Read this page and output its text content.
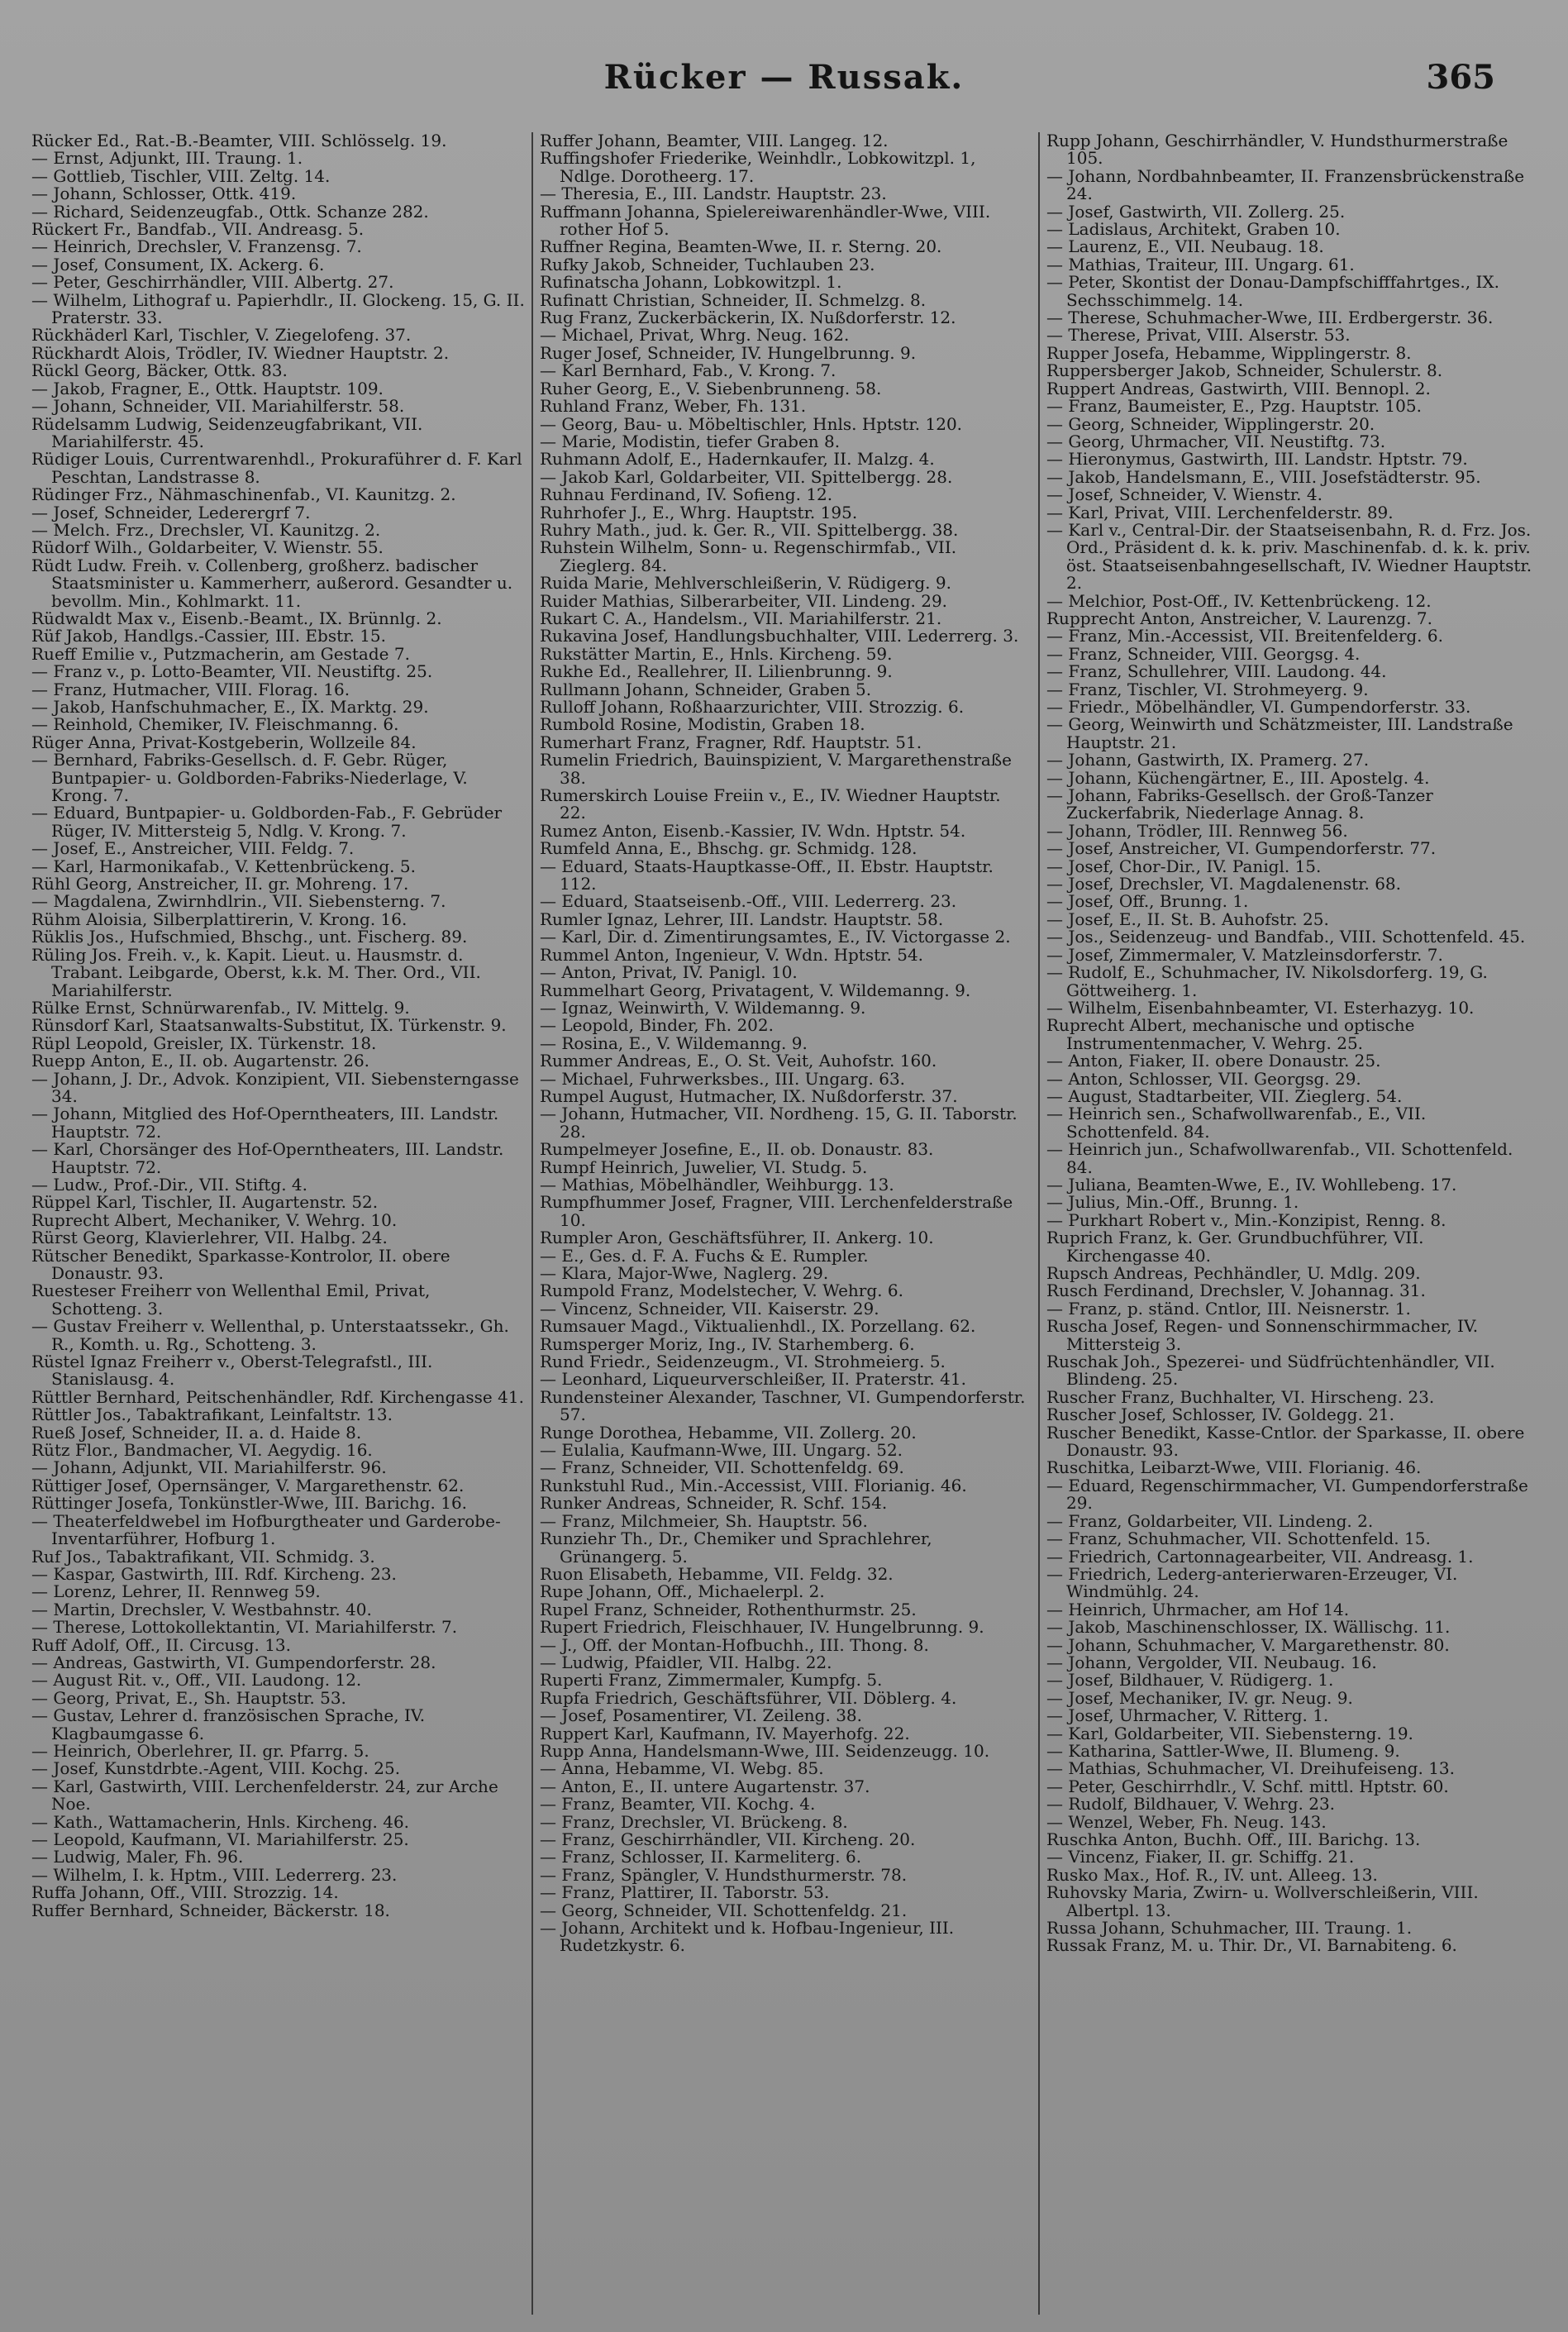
Rücker — Russak.	365
Rücker Ed., Rat.-B.-Beamter, VIII. Schlösselg. 19.
— Ernst, Adjunkt, III. Traung. 1.
— Gottlieb, Tischler, VIII. Zeltg. 14.
— Johann, Schlosser, Ottk. 419.
— Richard, Seidenzeugfab., Ottk. Schanze 282.
Rückert Fr., Bandfab., VII. Andreasg. 5.
— Heinrich, Drechsler, V. Franzensg. 7.
— Josef, Consument, IX. Ackerg. 6.
— Peter, Geschirrhändler, VIII. Albertg. 27.
— Wilhelm, Lithograf u. Papierhdlr., II. Glockeng. 15, G. II. Praterstr. 33.
Rückhäderl Karl, Tischler, V. Ziegelofeng. 37.
Rückhardt Alois, Trödler, IV. Wiedner Hauptstr. 2.
Rückl Georg, Bäcker, Ottk. 83.
— Jakob, Fragner, E., Ottk. Hauptstr. 109.
— Johann, Schneider, VII. Mariahilferstr. 58.
Rüdelsamm Ludwig, Seidenzeugfabrikant, VII. Mariahilferstr. 45.
Rüdiger Louis, Currentwarenhdl., Prokuraführer d. F. Karl Peschtan, Landstrasse 8.
Rüdinger Frz., Nähmaschinenfab., VI. Kaunitzg. 2.
— Josef, Schneider, Lederergrf 7.
— Melch. Frz., Drechsler, VI. Kaunitzg. 2.
Rüdorf Wilh., Goldarbeiter, V. Wienstr. 55.
Rüdt Ludw. Freih. v. Collenberg, großherz. badischer Staatsminister u. Kammerherr, außerord. Gesandter u. bevollm. Min., Kohlmarkt. 11.
Rüdwaldt Max v., Eisenb.-Beamt., IX. Brünnlg. 2.
Rüf Jakob, Handlgs.-Cassier, III. Ebstr. 15.
Rueff Emilie v., Putzmacherin, am Gestade 7.
— Franz v., p. Lotto-Beamter, VII. Neustiftg. 25.
— Franz, Hutmacher, VIII. Florag. 16.
— Jakob, Hanfschuhmacher, E., IX. Marktg. 29.
— Reinhold, Chemiker, IV. Fleischmanng. 6.
Rüger Anna, Privat-Kostgeberin, Wollzeile 84.
— Bernhard, Fabriks-Gesellsch. d. F. Gebr. Rüger, Buntpapier- u. Goldborden-Fabriks-Niederlage, V. Krong. 7.
— Eduard, Buntpapier- u. Goldborden-Fab., F. Gebrüder Rüger, IV. Mittersteig 5, Ndlg. V. Krong. 7.
— Josef, E., Anstreicher, VIII. Feldg. 7.
— Karl, Harmonikafab., V. Kettenbrückeng. 5.
Rühl Georg, Anstreicher, II. gr. Mohreng. 17.
— Magdalena, Zwirnhdlrin., VII. Siebensterng. 7.
Rühm Aloisia, Silberplattirerin, V. Krong. 16.
Rüklis Jos., Hufschmied, Bhschg., unt. Fischerg. 89.
Rüling Jos. Freih. v., k. Kapit. Lieut. u. Hausmstr. d. Trabant. Leibgarde, Oberst, k.k. M. Ther. Ord., VII. Mariahilferstr.
Rülke Ernst, Schnürwarenfab., IV. Mittelg. 9.
Rünsdorf Karl, Staatsanwalts-Substitut, IX. Türkenstr. 9.
Rüpl Leopold, Greisler, IX. Türkenstr. 18.
Ruepp Anton, E., II. ob. Augartenstr. 26.
— Johann, J. Dr., Advok. Konzipient, VII. Siebensterngasse 34.
— Johann, Mitglied des Hof-Operntheaters, III. Landstr. Hauptstr. 72.
— Karl, Chorsänger des Hof-Operntheaters, III. Landstr. Hauptstr. 72.
— Ludw., Prof.-Dir., VII. Stiftg. 4.
Rüppel Karl, Tischler, II. Augartenstr. 52.
Ruprecht Albert, Mechaniker, V. Wehrg. 10.
Rürst Georg, Klavierlehrer, VII. Halbg. 24.
Rütscher Benedikt, Sparkasse-Kontrolor, II. obere Donaustr. 93.
Ruesteser Freiherr von Wellenthal Emil, Privat, Schotteng. 3.
— Gustav Freiherr v. Wellenthal, p. Unterstaatssekr., Gh. R., Komth. u. Rg., Schotteng. 3.
Rüstel Ignaz Freiherr v., Oberst-Telegrafstl., III. Stanislausg. 4.
Rüttler Bernhard, Peitschenhändler, Rdf. Kirchengasse 41.
Rüttler Jos., Tabaktrafikant, Leinfaltstr. 13.
Rueß Josef, Schneider, II. a. d. Haide 8.
Rütz Flor., Bandmacher, VI. Aegydig. 16.
— Johann, Adjunkt, VII. Mariahilferstr. 96.
Rüttiger Josef, Opernsänger, V. Margarethenstr. 62.
Rüttinger Josefa, Tonkünstler-Wwe, III. Barichg. 16.
— Theaterfeldwebel im Hofburgtheater und Garderobe-Inventarführer, Hofburg 1.
Ruf Jos., Tabaktrafikant, VII. Schmidg. 3.
— Kaspar, Gastwirth, III. Rdf. Kircheng. 23.
— Lorenz, Lehrer, II. Rennweg 59.
— Martin, Drechsler, V. Westbahnstr. 40.
— Therese, Lottokollektantin, VI. Mariahilferstr. 7.
Ruff Adolf, Off., II. Circusg. 13.
— Andreas, Gastwirth, VI. Gumpendorferstr. 28.
— August Rit. v., Off., VII. Laudong. 12.
— Georg, Privat, E., Sh. Hauptstr. 53.
— Gustav, Lehrer d. französischen Sprache, IV. Klagbaumgasse 6.
— Heinrich, Oberlehrer, II. gr. Pfarrg. 5.
— Josef, Kunstdrbte.-Agent, VIII. Kochg. 25.
— Karl, Gastwirth, VIII. Lerchenfelderstr. 24, zur Arche Noe.
— Kath., Wattamacherin, Hnls. Kircheng. 46.
— Leopold, Kaufmann, VI. Mariahilferstr. 25.
— Ludwig, Maler, Fh. 96.
— Wilhelm, I. k. Hptm., VIII. Lederrerg. 23.
Ruffa Johann, Off., VIII. Strozzig. 14.
Ruffer Bernhard, Schneider, Bäckerstr. 18.
Ruffer Johann, Beamter, VIII. Langeg. 12.
Ruffingshofer Friederike, Weinhdlr., Lobkowitzpl. 1, Ndlge. Dorotheerg. 17.
— Theresia, E., III. Landstr. Hauptstr. 23.
Ruffmann Johanna, Spielereiwarenhändler-Wwe, VIII. rother Hof 5.
Ruffner Regina, Beamten-Wwe, II. r. Sterng. 20.
Rufky Jakob, Schneider, Tuchlauben 23.
Rufinatscha Johann, Lobkowitzpl. 1.
Rufinatt Christian, Schneider, II. Schmelzg. 8.
Rug Franz, Zuckerbäckerin, IX. Nußdorferstr. 12.
— Michael, Privat, Whrg. Neug. 162.
Ruger Josef, Schneider, IV. Hungelbrunng. 9.
— Karl Bernhard, Fab., V. Krong. 7.
Ruher Georg, E., V. Siebenbrunneng. 58.
Ruhland Franz, Weber, Fh. 131.
— Georg, Bau- u. Möbeltischler, Hnls. Hptstr. 120.
— Marie, Modistin, tiefer Graben 8.
Ruhmann Adolf, E., Hadernkaufer, II. Malzg. 4.
— Jakob Karl, Goldarbeiter, VII. Spittelbergg. 28.
Ruhnau Ferdinand, IV. Sofieng. 12.
Ruhrhofer J., E., Whrg. Hauptstr. 195.
Ruhry Math., jud. k. Ger. R., VII. Spittelbergg. 38.
Ruhstein Wilhelm, Sonn- u. Regenschirmfab., VII. Zieglerg. 84.
Ruida Marie, Mehlverschleißerin, V. Rüdigerg. 9.
Ruider Mathias, Silberarbeiter, VII. Lindeng. 29.
Rukart C. A., Handelsm., VII. Mariahilferstr. 21.
Rukavina Josef, Handlungsbuchhalter, VIII. Lederrerg. 3.
Rukstätter Martin, E., Hnls. Kircheng. 59.
Rukhe Ed., Reallehrer, II. Lilienbrunng. 9.
Rullmann Johann, Schneider, Graben 5.
Rulloff Johann, Roßhaarzurichter, VIII. Strozzig. 6.
Rumbold Rosine, Modistin, Graben 18.
Rumerhart Franz, Fragner, Rdf. Hauptstr. 51.
Rumelin Friedrich, Bauinspizient, V. Margarethenstraße 38.
Rumerskirch Louise Freiin v., E., IV. Wiedner Hauptstr. 22.
Rumez Anton, Eisenb.-Kassier, IV. Wdn. Hptstr. 54.
Rumfeld Anna, E., Bhschg. gr. Schmidg. 128.
— Eduard, Staats-Hauptkasse-Off., II. Ebstr. Hauptstr. 112.
— Eduard, Staatseisenb.-Off., VIII. Lederrerg. 23.
Rumler Ignaz, Lehrer, III. Landstr. Hauptstr. 58.
— Karl, Dir. d. Zimentirungsamtes, E., IV. Victorgasse 2.
Rummel Anton, Ingenieur, V. Wdn. Hptstr. 54.
— Anton, Privat, IV. Panigl. 10.
Rummelhart Georg, Privatagent, V. Wildemanng. 9.
— Ignaz, Weinwirth, V. Wildemanng. 9.
— Leopold, Binder, Fh. 202.
— Rosina, E., V. Wildemanng. 9.
Rummer Andreas, E., O. St. Veit, Auhofstr. 160.
— Michael, Fuhrwerksbes., III. Ungarg. 63.
Rumpel August, Hutmacher, IX. Nußdorferstr. 37.
— Johann, Hutmacher, VII. Nordheng. 15, G. II. Taborstr. 28.
Rumpelmeyer Josefine, E., II. ob. Donaustr. 83.
Rumpf Heinrich, Juwelier, VI. Studg. 5.
— Mathias, Möbelhändler, Weihburgg. 13.
Rumpfhummer Josef, Fragner, VIII. Lerchenfelderstraße 10.
Rumpler Aron, Geschäftsführer, II. Ankerg. 10.
— E., Ges. d. F. A. Fuchs & E. Rumpler.
— Klara, Major-Wwe, Naglerg. 29.
Rumpold Franz, Modelstecher, V. Wehrg. 6.
— Vincenz, Schneider, VII. Kaiserstr. 29.
Rumsauer Magd., Viktualienhdl., IX. Porzellang. 62.
Rumsperger Moriz, Ing., IV. Starhemberg. 6.
Rund Friedr., Seidenzeugm., VI. Strohmeierg. 5.
— Leonhard, Liqueurverschleißer, II. Praterstr. 41.
Rundensteiner Alexander, Taschner, VI. Gumpendorferstr. 57.
Runge Dorothea, Hebamme, VII. Zollerg. 20.
— Eulalia, Kaufmann-Wwe, III. Ungarg. 52.
— Franz, Schneider, VII. Schottenfeldg. 69.
Runkstuhl Rud., Min.-Accessist, VIII. Florianig. 46.
Runker Andreas, Schneider, R. Schf. 154.
— Franz, Milchmeier, Sh. Hauptstr. 56.
Runziehr Th., Dr., Chemiker und Sprachlehrer, Grünangerg. 5.
Ruon Elisabeth, Hebamme, VII. Feldg. 32.
Rupe Johann, Off., Michaelerpl. 2.
Rupel Franz, Schneider, Rothenthurmstr. 25.
Rupert Friedrich, Fleischhauer, IV. Hungelbrunng. 9.
— J., Off. der Montan-Hofbuchh., III. Thong. 8.
— Ludwig, Pfaidler, VII. Halbg. 22.
Ruperti Franz, Zimmermaler, Kumpfg. 5.
Rupfa Friedrich, Geschäftsführer, VII. Döblerg. 4.
— Josef, Posamentirer, VI. Zeileng. 38.
Ruppert Karl, Kaufmann, IV. Mayerhofg. 22.
Rupp Anna, Handelsmann-Wwe, III. Seidenzeugg. 10.
— Anna, Hebamme, VI. Webg. 85.
— Anton, E., II. untere Augartenstr. 37.
— Franz, Beamter, VII. Kochg. 4.
— Franz, Drechsler, VI. Brückeng. 8.
— Franz, Geschirrhändler, VII. Kircheng. 20.
— Franz, Schlosser, II. Karmeliterg. 6.
— Franz, Spängler, V. Hundsthurmerstr. 78.
— Franz, Plattirer, II. Taborstr. 53.
— Georg, Schneider, VII. Schottenfeldg. 21.
— Johann, Architekt und k. Hofbau-Ingenieur, III. Rudetzkystr. 6.
Rupp Johann, Geschirrhändler, V. Hundsthurmerstraße 105.
— Johann, Nordbahnbeamter, II. Franzensbrückenstraße 24.
— Josef, Gastwirth, VII. Zollerg. 25.
— Ladislaus, Architekt, Graben 10.
— Laurenz, E., VII. Neubaug. 18.
— Mathias, Traiteur, III. Ungarg. 61.
— Peter, Skontist der Donau-Dampfschifffahrtges., IX. Sechsschimmelg. 14.
— Therese, Schuhmacher-Wwe, III. Erdbergerstr. 36.
— Therese, Privat, VIII. Alserstr. 53.
Rupper Josefa, Hebamme, Wipplingerstr. 8.
Ruppersberger Jakob, Schneider, Schulerstr. 8.
Ruppert Andreas, Gastwirth, VIII. Bennopl. 2.
— Franz, Baumeister, E., Pzg. Hauptstr. 105.
— Georg, Schneider, Wipplingerstr. 20.
— Georg, Uhrmacher, VII. Neustiftg. 73.
— Hieronymus, Gastwirth, III. Landstr. Hptstr. 79.
— Jakob, Handelsmann, E., VIII. Josefstädterstr. 95.
— Josef, Schneider, V. Wienstr. 4.
— Karl, Privat, VIII. Lerchenfelderstr. 89.
— Karl v., Central-Dir. der Staatseisenbahn, R. d. Frz. Jos. Ord., Präsident d. k. k. priv. Maschinenfab. d. k. k. priv. öst. Staatseisenbahngesellschaft, IV. Wiedner Hauptstr. 2.
— Melchior, Post-Off., IV. Kettenbrückeng. 12.
Rupprecht Anton, Anstreicher, V. Laurenzg. 7.
— Franz, Min.-Accessist, VII. Breitenfelderg. 6.
— Franz, Schneider, VIII. Georgsg. 4.
— Franz, Schullehrer, VIII. Laudong. 44.
— Franz, Tischler, VI. Strohmeyerg. 9.
— Friedr., Möbelhändler, VI. Gumpendorferstr. 33.
— Georg, Weinwirth und Schätzmeister, III. Landstraße Hauptstr. 21.
— Johann, Gastwirth, IX. Pramerg. 27.
— Johann, Küchengärtner, E., III. Apostelg. 4.
— Johann, Fabriks-Gesellsch. der Groß-Tanzer Zuckerfabrik, Niederlage Annag. 8.
— Johann, Trödler, III. Rennweg 56.
— Josef, Anstreicher, VI. Gumpendorferstr. 77.
— Josef, Chor-Dir., IV. Panigl. 15.
— Josef, Drechsler, VI. Magdalenenstr. 68.
— Josef, Off., Brunng. 1.
— Josef, E., II. St. B. Auhofstr. 25.
— Jos., Seidenzeug- und Bandfab., VIII. Schottenfeld. 45.
— Josef, Zimmermaler, V. Matzleinsdorferstr. 7.
— Rudolf, E., Schuhmacher, IV. Nikolsdorferg. 19, G. Göttweiherg. 1.
— Wilhelm, Eisenbahnbeamter, VI. Esterhazyg. 10.
Ruprecht Albert, mechanische und optische Instrumentenmacher, V. Wehrg. 25.
— Anton, Fiaker, II. obere Donaustr. 25.
— Anton, Schlosser, VII. Georgsg. 29.
— August, Stadtarbeiter, VII. Zieglerg. 54.
— Heinrich sen., Schafwollwarenfab., E., VII. Schottenfeld. 84.
— Heinrich jun., Schafwollwarenfab., VII. Schottenfeld. 84.
— Juliana, Beamten-Wwe, E., IV. Wohllebeng. 17.
— Julius, Min.-Off., Brunng. 1.
— Purkhart Robert v., Min.-Konzipist, Renng. 8.
Ruprich Franz, k. Ger. Grundbuchführer, VII. Kirchengasse 40.
Rupsch Andreas, Pechhändler, U. Mdlg. 209.
Rusch Ferdinand, Drechsler, V. Johannag. 31.
— Franz, p. ständ. Cntlor, III. Neisnerstr. 1.
Ruscha Josef, Regen- und Sonnenschirmmacher, IV. Mittersteig 3.
Ruschak Joh., Spezerei- und Südfrüchtenhändler, VII. Blindeng. 25.
Ruscher Franz, Buchhalter, VI. Hirscheng. 23.
Ruscher Josef, Schlosser, IV. Goldegg. 21.
Ruscher Benedikt, Kasse-Cntlor. der Sparkasse, II. obere Donaustr. 93.
Ruschitka, Leibarzt-Wwe, VIII. Florianig. 46.
— Eduard, Regenschirmmacher, VI. Gumpendorferstraße 29.
— Franz, Goldarbeiter, VII. Lindeng. 2.
— Franz, Schuhmacher, VII. Schottenfeld. 15.
— Friedrich, Cartonnagearbeiter, VII. Andreasg. 1.
— Friedrich, Lederg-anterierwaren-Erzeuger, VI. Windmühlg. 24.
— Heinrich, Uhrmacher, am Hof 14.
— Jakob, Maschinenschlosser, IX. Wällischg. 11.
— Johann, Schuhmacher, V. Margarethenstr. 80.
— Johann, Vergolder, VII. Neubaug. 16.
— Josef, Bildhauer, V. Rüdigerg. 1.
— Josef, Mechaniker, IV. gr. Neug. 9.
— Josef, Uhrmacher, V. Ritterg. 1.
— Karl, Goldarbeiter, VII. Siebensterng. 19.
— Katharina, Sattler-Wwe, II. Blumeng. 9.
— Mathias, Schuhmacher, VI. Dreihufeiseng. 13.
— Peter, Geschirrhdlr., V. Schf. mittl. Hptstr. 60.
— Rudolf, Bildhauer, V. Wehrg. 23.
— Wenzel, Weber, Fh. Neug. 143.
Ruschka Anton, Buchh. Off., III. Barichg. 13.
— Vincenz, Fiaker, II. gr. Schiffg. 21.
Rusko Max., Hof. R., IV. unt. Alleeg. 13.
Ruhovsky Maria, Zwirn- u. Wollverschleißerin, VIII. Albertpl. 13.
Russa Johann, Schuhmacher, III. Traung. 1.
Russak Franz, M. u. Thir. Dr., VI. Barnabiteng. 6.
